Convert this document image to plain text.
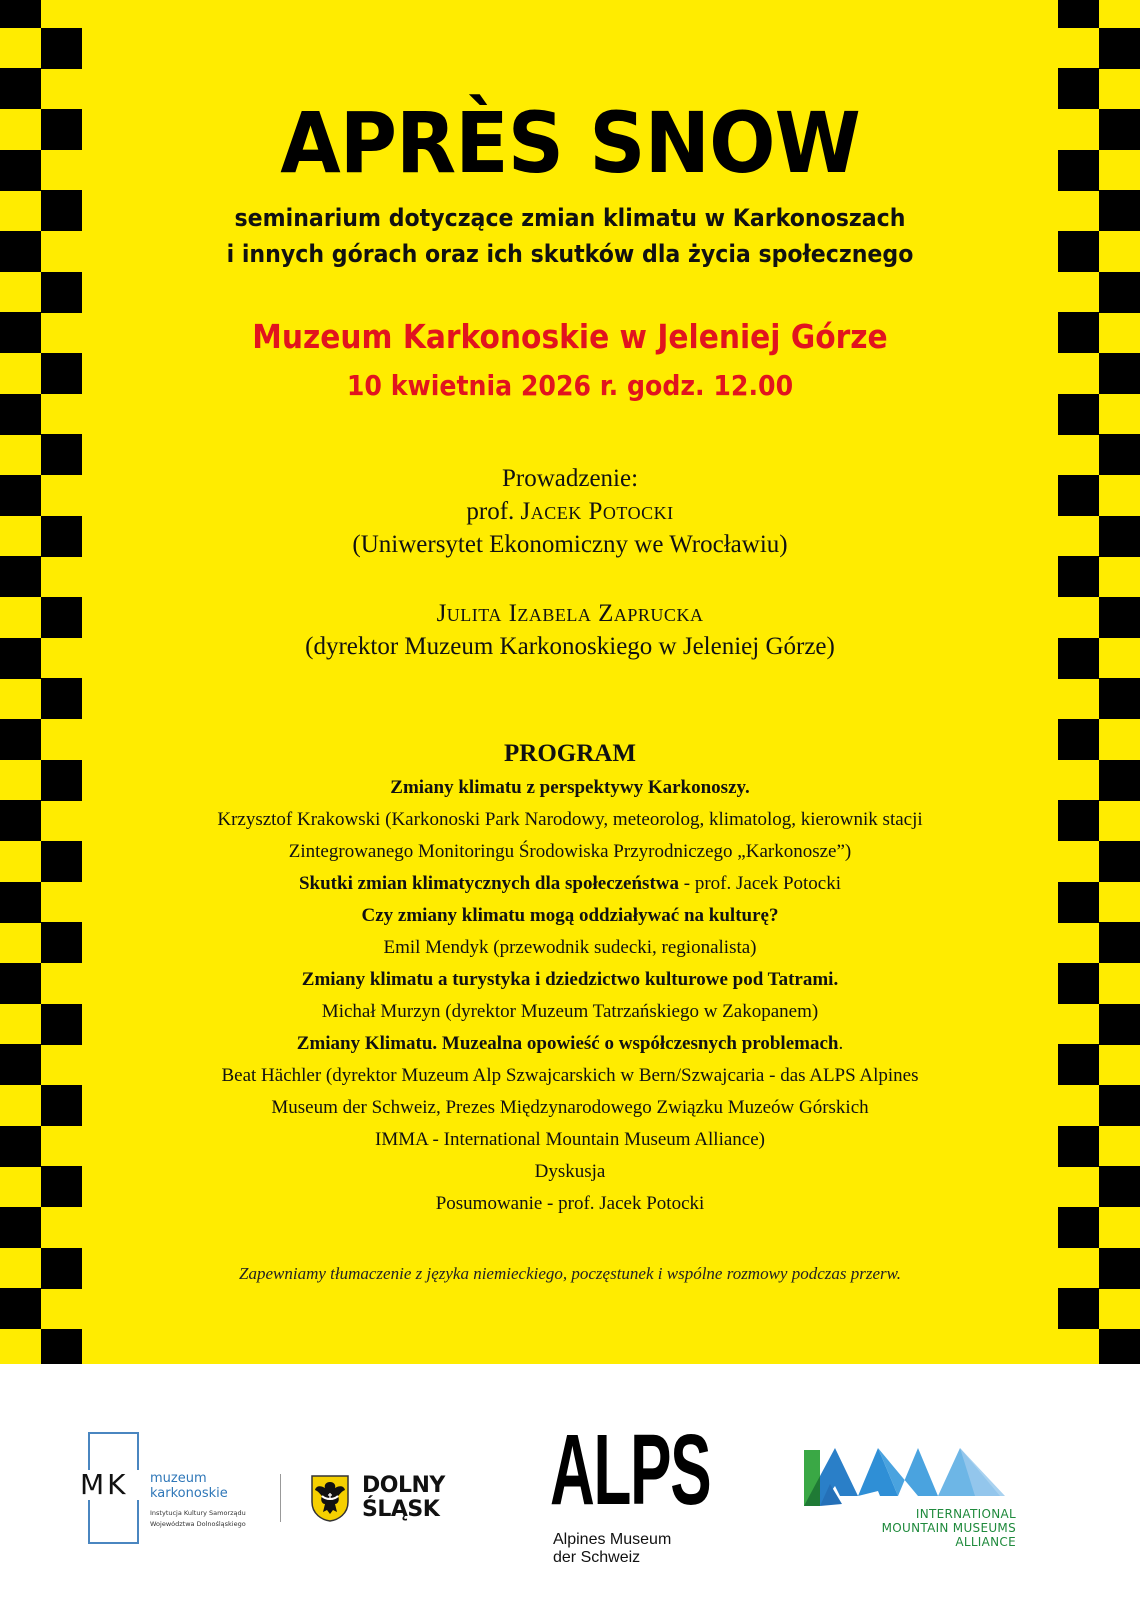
APRÈS SNOW
seminarium dotyczące zmian klimatu w Karkonoszach
i innych górach oraz ich skutków dla życia społecznego
Muzeum Karkonoskie w Jeleniej Górze
10 kwietnia 2026 r. godz. 12.00
Prowadzenie:
prof. Jacek Potocki
(Uniwersytet Ekonomiczny we Wrocławiu)
Julita Izabela Zaprucka
(dyrektor Muzeum Karkonoskiego w Jeleniej Górze)
PROGRAM
Zmiany klimatu z perspektywy Karkonoszy.
Krzysztof Krakowski (Karkonoski Park Narodowy, meteorolog, klimatolog, kierownik stacji
Zintegrowanego Monitoringu Środowiska Przyrodniczego „Karkonosze”)
Skutki zmian klimatycznych dla społeczeństwa - prof. Jacek Potocki
Czy zmiany klimatu mogą oddziaływać na kulturę?
Emil Mendyk (przewodnik sudecki, regionalista)
Zmiany klimatu a turystyka i dziedzictwo kulturowe pod Tatrami.
Michał Murzyn (dyrektor Muzeum Tatrzańskiego w Zakopanem)
Zmiany Klimatu. Muzealna opowieść o współczesnych problemach.
Beat Hächler (dyrektor Muzeum Alp Szwajcarskich w Bern/Szwajcaria - das ALPS Alpines
Museum der Schweiz, Prezes Międzynarodowego Związku Muzeów Górskich
IMMA - International Mountain Museum Alliance)
Dyskusja
Posumowanie - prof. Jacek Potocki
Zapewniamy tłumaczenie z języka niemieckiego, poczęstunek i wspólne rozmowy podczas przerw.
MK	muzeum
karkonoskie
Instytucja Kultury Samorządu
Województwa Dolnośląskiego
DOLNY
ŚLĄSK ALPS
Alpines Museum
der Schweiz
INTERNATIONAL
MOUNTAIN MUSEUMS
ALLIANCE
